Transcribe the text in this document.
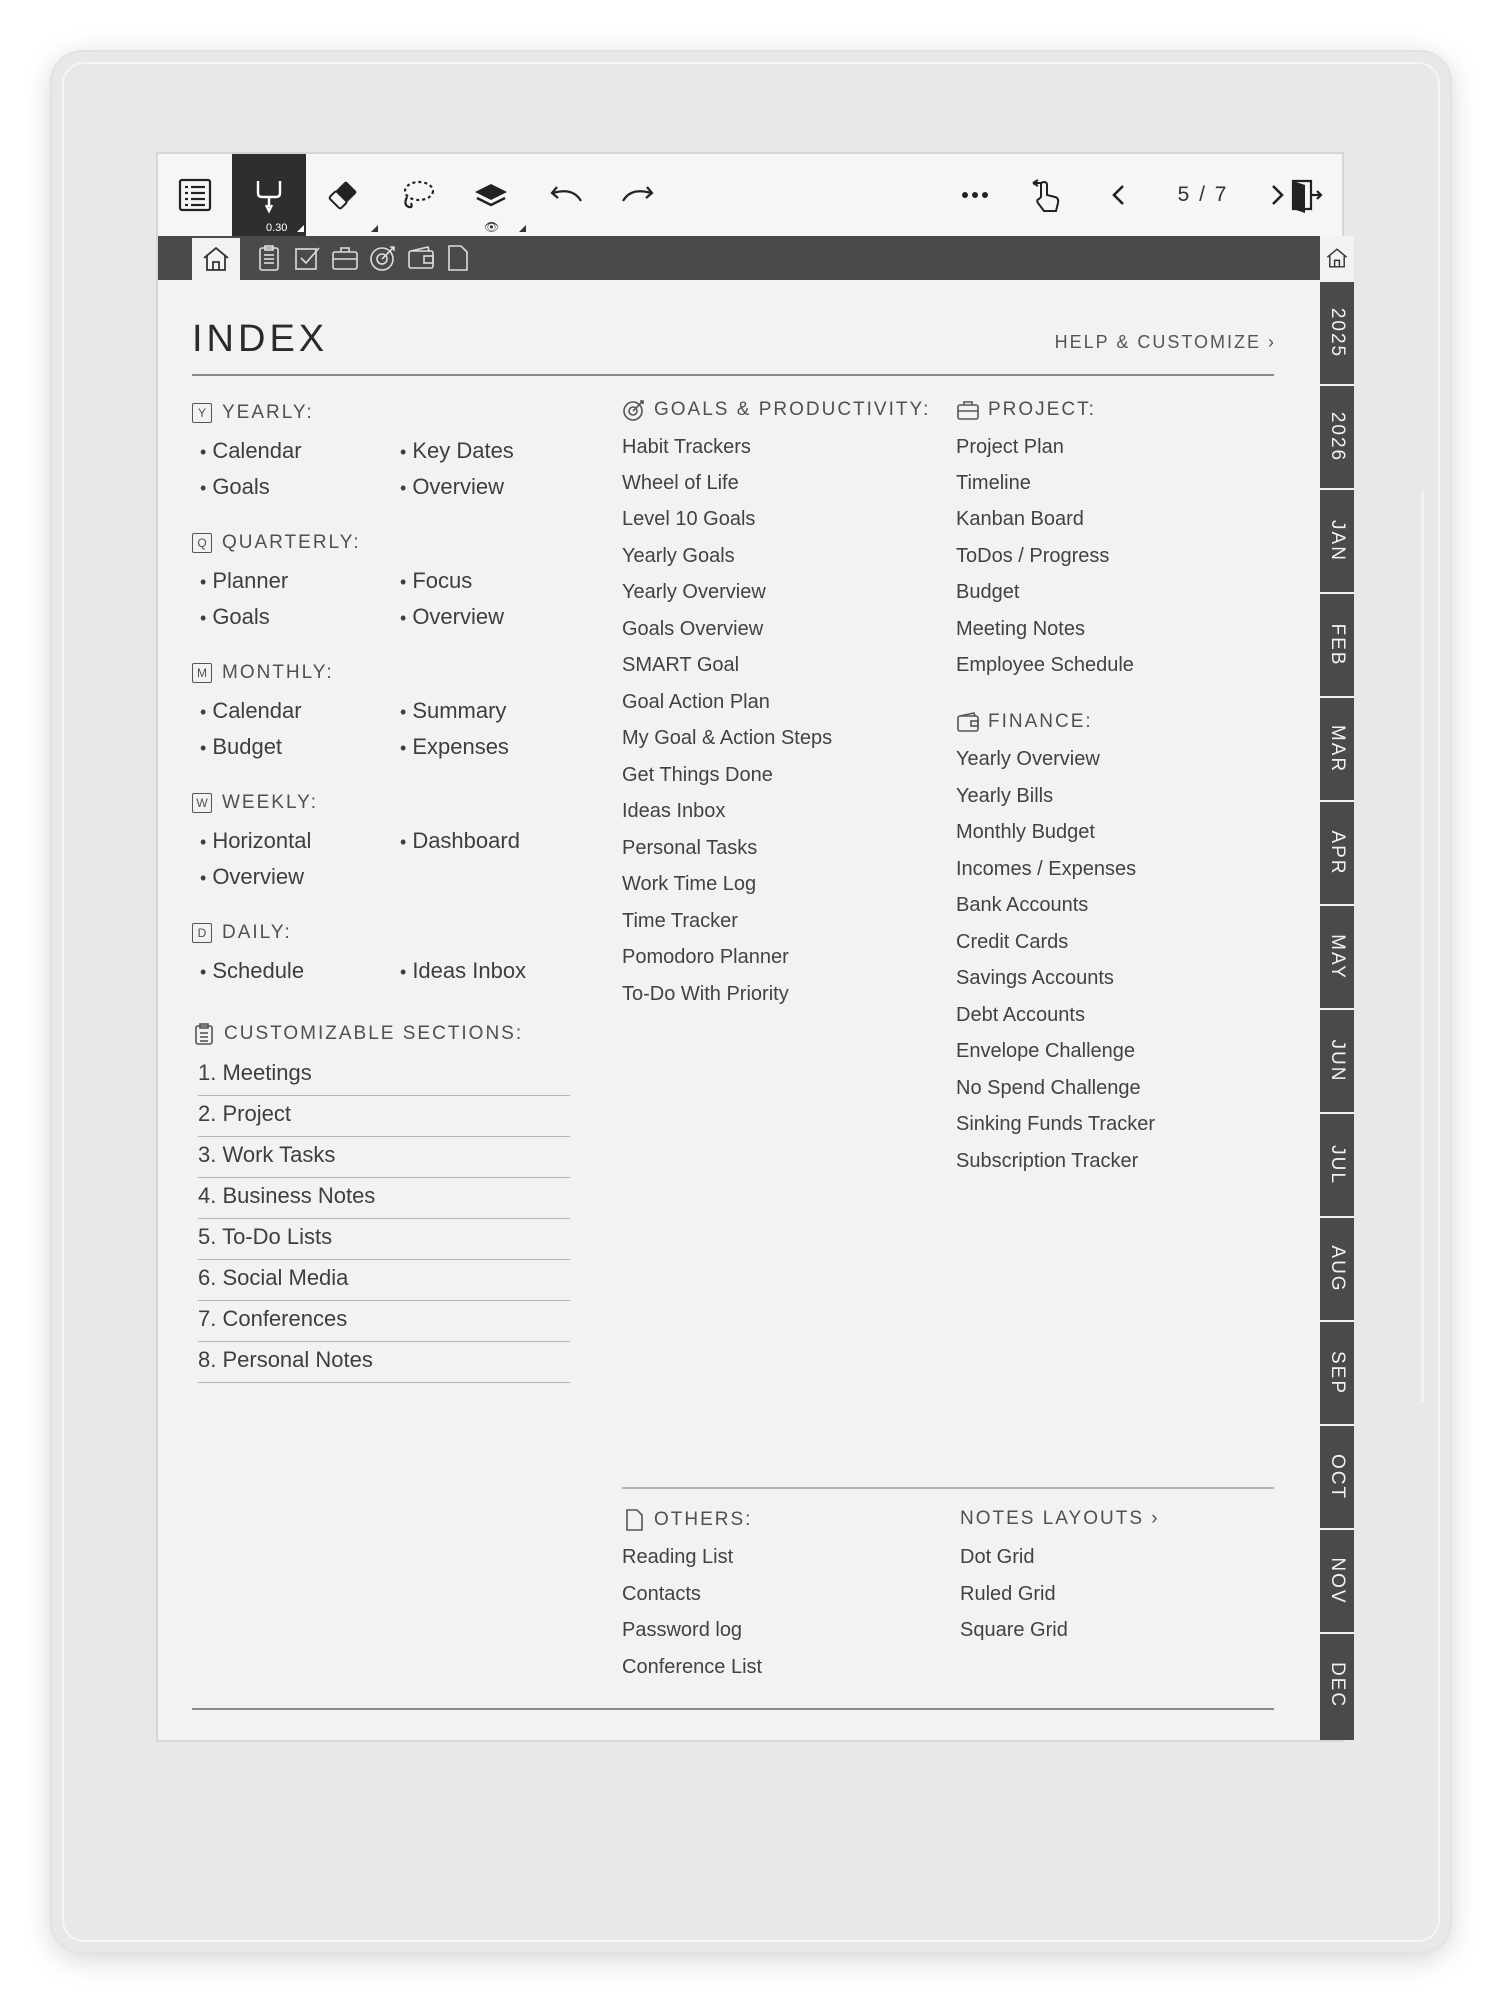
0.30	👁
5 / 7
2025
2026
JAN
FEB
MAR
APR
MAY
JUN
JUL
AUG
SEP
OCT
NOV
DEC
INDEX	HELP & CUSTOMIZE ›
Y YEARLY:
• Calendar	• Key Dates
• Goals	• Overview
Q QUARTERLY:
• Planner	• Focus
• Goals	• Overview
M MONTHLY:
• Calendar	• Summary
• Budget	• Expenses
W WEEKLY:
• Horizontal	• Dashboard
• Overview
D DAILY:
• Schedule	• Ideas Inbox
CUSTOMIZABLE SECTIONS:
1. Meetings
2. Project
3. Work Tasks
4. Business Notes
5. To-Do Lists
6. Social Media
7. Conferences
8. Personal Notes
GOALS & PRODUCTIVITY:
Habit Trackers
Wheel of Life
Level 10 Goals
Yearly Goals
Yearly Overview
Goals Overview
SMART Goal
Goal Action Plan
My Goal & Action Steps
Get Things Done
Ideas Inbox
Personal Tasks
Work Time Log
Time Tracker
Pomodoro Planner
To-Do With Priority
PROJECT:
Project Plan
Timeline
Kanban Board
ToDos / Progress
Budget
Meeting Notes
Employee Schedule
FINANCE:
Yearly Overview
Yearly Bills
Monthly Budget
Incomes / Expenses
Bank Accounts
Credit Cards
Savings Accounts
Debt Accounts
Envelope Challenge
No Spend Challenge
Sinking Funds Tracker
Subscription Tracker
OTHERS:
Reading List
Contacts
Password log
Conference List
NOTES LAYOUTS ›
Dot Grid
Ruled Grid
Square Grid
